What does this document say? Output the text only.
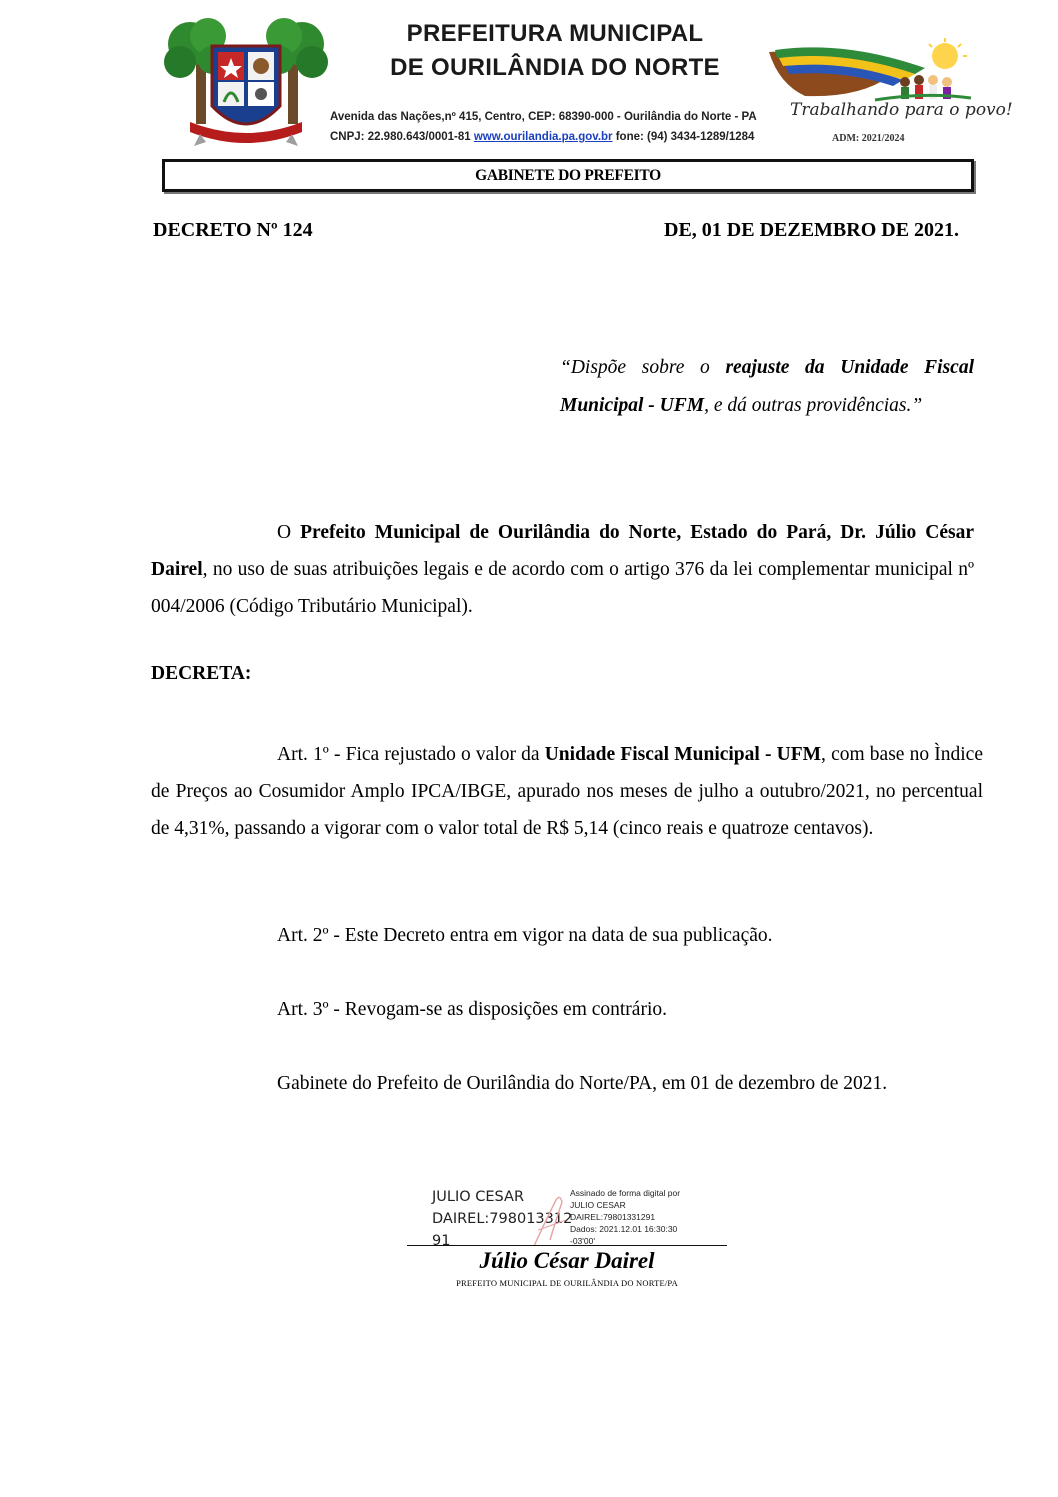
PREFEITURA MUNICIPAL
DE OURILÂNDIA DO NORTE
Avenida das Nações,nº 415, Centro, CEP: 68390-000 - Ourilândia do Norte - PA
CNPJ: 22.980.643/0001-81 www.ourilandia.pa.gov.br fone: (94) 3434-1289/1284
Trabalhando para o povo!
ADM: 2021/2024
GABINETE DO PREFEITO
DECRETO Nº 124	DE, 01 DE DEZEMBRO DE 2021.
“Dispõe sobre o reajuste da Unidade Fiscal Municipal - UFM, e dá outras providências.”
O Prefeito Municipal de Ourilândia do Norte, Estado do Pará, Dr. Júlio César Dairel, no uso de suas atribuições legais e de acordo com o artigo 376 da lei complementar municipal nº 004/2006 (Código Tributário Municipal).
DECRETA:
Art. 1º - Fica rejustado o valor da Unidade Fiscal Municipal - UFM, com base no Ìndice de Preços ao Cosumidor Amplo IPCA/IBGE, apurado nos meses de julho a outubro/2021, no percentual de 4,31%, passando a vigorar com o valor total de R$ 5,14 (cinco reais e quatroze centavos).
Art. 2º - Este Decreto entra em vigor na data de sua publicação.
Art. 3º - Revogam-se as disposições em contrário.
Gabinete do Prefeito de Ourilândia do Norte/PA, em 01 de dezembro de 2021.
JULIO CESAR
DAIREL:798013312
91
Assinado de forma digital por
JULIO CESAR
DAIREL:79801331291
Dados: 2021.12.01 16:30:30
-03'00'
Júlio César Dairel
PREFEITO MUNICIPAL DE OURILÂNDIA DO NORTE/PA
